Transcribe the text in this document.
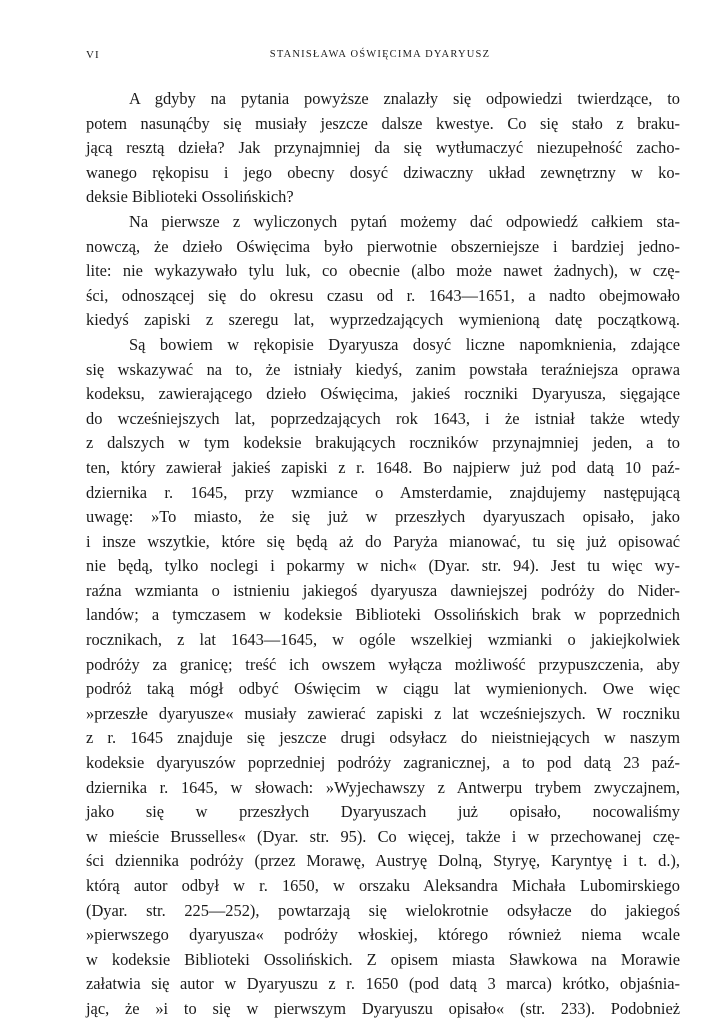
VI	STANISŁAWA OŚWIĘCIMA DYARYUSZ
A gdyby na pytania powyższe znalazły się odpowiedzi twierdzące, to
potem nasunąćby się musiały jeszcze dalsze kwestye. Co się stało z braku-
jącą resztą dzieła? Jak przynajmniej da się wytłumaczyć niezupełność zacho-
wanego rękopisu i jego obecny dosyć dziwaczny układ zewnętrzny w ko-
deksie Biblioteki Ossolińskich?
Na pierwsze z wyliczonych pytań możemy dać odpowiedź całkiem sta-
nowczą, że dzieło Oświęcima było pierwotnie obszerniejsze i bardziej jedno-
lite: nie wykazywało tylu luk, co obecnie (albo może nawet żadnych), w czę-
ści, odnoszącej się do okresu czasu od r. 1643—1651, a nadto obejmowało
kiedyś zapiski z szeregu lat, wyprzedzających wymienioną datę początkową.
Są bowiem w rękopisie Dyaryusza dosyć liczne napomknienia, zdające
się wskazywać na to, że istniały kiedyś, zanim powstała teraźniejsza oprawa
kodeksu, zawierającego dzieło Oświęcima, jakieś roczniki Dyaryusza, sięgające
do wcześniejszych lat, poprzedzających rok 1643, i że istniał także wtedy
z dalszych w tym kodeksie brakujących roczników przynajmniej jeden, a to
ten, który zawierał jakieś zapiski z r. 1648. Bo najpierw już pod datą 10 paź-
dziernika r. 1645, przy wzmiance o Amsterdamie, znajdujemy następującą
uwagę: »To miasto, że się już w przeszłych dyaryuszach opisało, jako
i insze wszytkie, które się będą aż do Paryża mianować, tu się już opisować
nie będą, tylko noclegi i pokarmy w nich« (Dyar. str. 94). Jest tu więc wy-
raźna wzmianta o istnieniu jakiegoś dyaryusza dawniejszej podróży do Nider-
landów; a tymczasem w kodeksie Biblioteki Ossolińskich brak w poprzednich
rocznikach, z lat 1643—1645, w ogóle wszelkiej wzmianki o jakiejkolwiek
podróży za granicę; treść ich owszem wyłącza możliwość przypuszczenia, aby
podróż taką mógł odbyć Oświęcim w ciągu lat wymienionych. Owe więc
»przeszłe dyaryusze« musiały zawierać zapiski z lat wcześniejszych. W roczniku
z r. 1645 znajduje się jeszcze drugi odsyłacz do nieistniejących w naszym
kodeksie dyaryuszów poprzedniej podróży zagranicznej, a to pod datą 23 paź-
dziernika r. 1645, w słowach: »Wyjechawszy z Antwerpu trybem zwyczajnem,
jako się w przeszłych Dyaryuszach już opisało, nocowaliśmy
w mieście Brusselles« (Dyar. str. 95). Co więcej, także i w przechowanej czę-
ści dziennika podróży (przez Morawę, Austryę Dolną, Styryę, Karyntyę i t. d.),
którą autor odbył w r. 1650, w orszaku Aleksandra Michała Lubomirskiego
(Dyar. str. 225—252), powtarzają się wielokrotnie odsyłacze do jakiegoś
»pierwszego dyaryusza« podróży włoskiej, którego również niema wcale
w kodeksie Biblioteki Ossolińskich. Z opisem miasta Sławkowa na Morawie
załatwia się autor w Dyaryuszu z r. 1650 (pod datą 3 marca) krótko, objaśnia-
jąc, że »i to się w pierwszym Dyaryuszu opisało« (str. 233). Podobnież
